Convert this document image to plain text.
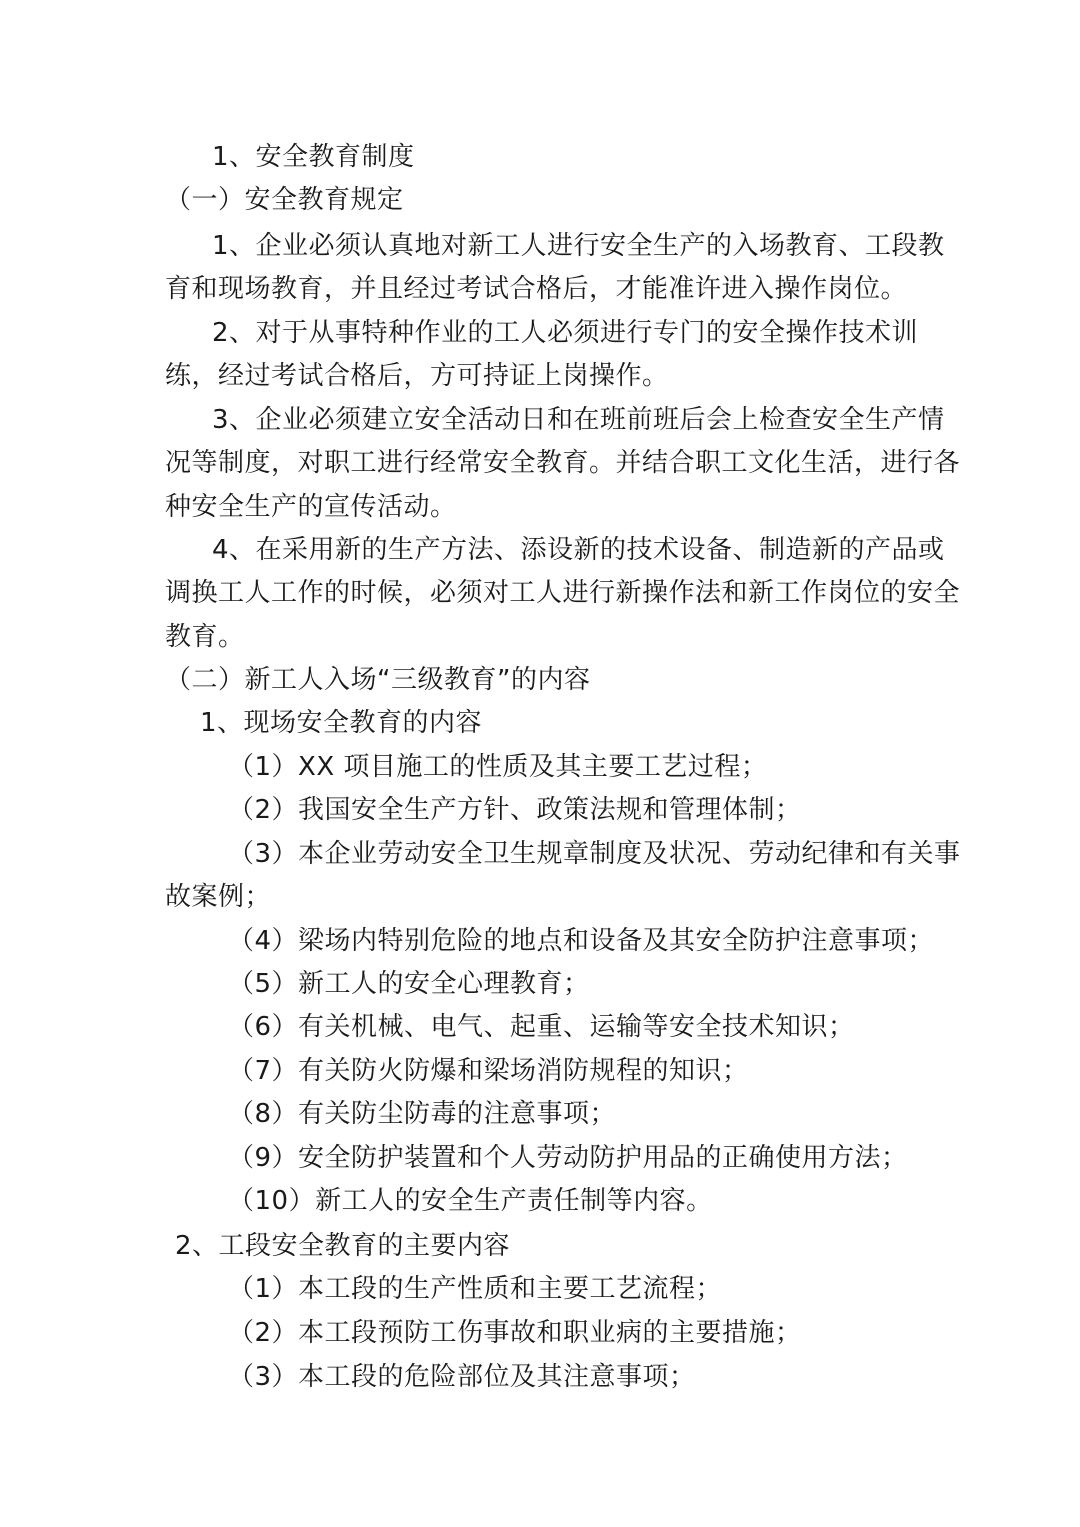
1、安全教育制度
（一）安全教育规定
1、企业必须认真地对新工人进行安全生产的入场教育、工段教
育和现场教育，并且经过考试合格后，才能准许进入操作岗位。
2、对于从事特种作业的工人必须进行专门的安全操作技术训
练，经过考试合格后，方可持证上岗操作。
3、企业必须建立安全活动日和在班前班后会上检查安全生产情
况等制度，对职工进行经常安全教育。并结合职工文化生活，进行各
种安全生产的宣传活动。
4、在采用新的生产方法、添设新的技术设备、制造新的产品或
调换工人工作的时候，必须对工人进行新操作法和新工作岗位的安全
教育。
（二）新工人入场“三级教育”的内容
1、现场安全教育的内容
（1）XX 项目施工的性质及其主要工艺过程；
（2）我国安全生产方针、政策法规和管理体制；
（3）本企业劳动安全卫生规章制度及状况、劳动纪律和有关事
故案例；
（4）梁场内特别危险的地点和设备及其安全防护注意事项；
（5）新工人的安全心理教育；
（6）有关机械、电气、起重、运输等安全技术知识；
（7）有关防火防爆和梁场消防规程的知识；
（8）有关防尘防毒的注意事项；
（9）安全防护装置和个人劳动防护用品的正确使用方法；
（10）新工人的安全生产责任制等内容。
2、工段安全教育的主要内容
（1）本工段的生产性质和主要工艺流程；
（2）本工段预防工伤事故和职业病的主要措施；
（3）本工段的危险部位及其注意事项；
